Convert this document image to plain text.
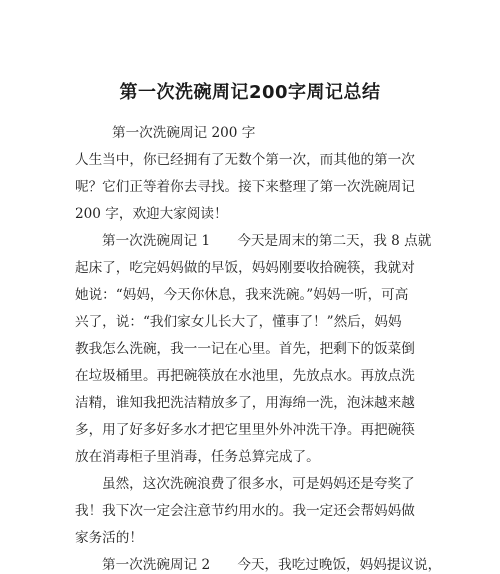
第一次洗碗周记200字周记总结
第一次洗碗周记 200 字
人生当中，你已经拥有了无数个第一次，而其他的第一次
呢？它们正等着你去寻找。接下来整理了第一次洗碗周记
200 字，欢迎大家阅读！
第一次洗碗周记 1　　今天是周末的第二天，我 8 点就
起床了，吃完妈妈做的早饭，妈妈刚要收拾碗筷，我就对
她说：“妈妈，今天你休息，我来洗碗。”妈妈一听，可高
兴了，说：“我们家女儿长大了，懂事了！”然后，妈妈
教我怎么洗碗，我一一记在心里。首先，把剩下的饭菜倒
在垃圾桶里。再把碗筷放在水池里，先放点水。再放点洗
洁精，谁知我把洗洁精放多了，用海绵一洗，泡沫越来越
多，用了好多好多水才把它里里外外冲洗干净。再把碗筷
放在消毒柜子里消毒，任务总算完成了。
虽然，这次洗碗浪费了很多水，可是妈妈还是夸奖了
我！我下次一定会注意节约用水的。我一定还会帮妈妈做
家务活的！
第一次洗碗周记 2　　今天，我吃过晚饭，妈妈提议说，
